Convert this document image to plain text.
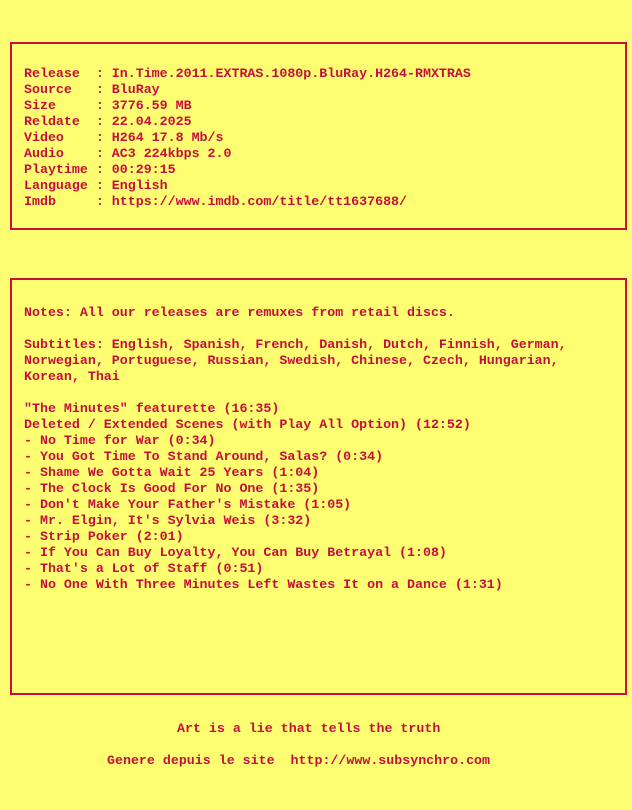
Release  : In.Time.2011.EXTRAS.1080p.BluRay.H264-RMXTRAS
Source   : BluRay
Size     : 3776.59 MB
Reldate  : 22.04.2025
Video    : H264 17.8 Mb/s
Audio    : AC3 224kbps 2.0
Playtime : 00:29:15
Language : English
Imdb     : https://www.imdb.com/title/tt1637688/
Notes: All our releases are remuxes from retail discs.
Subtitles: English, Spanish, French, Danish, Dutch, Finnish, German,
Norwegian, Portuguese, Russian, Swedish, Chinese, Czech, Hungarian,
Korean, Thai
"The Minutes" featurette (16:35)
Deleted / Extended Scenes (with Play All Option) (12:52)
- No Time for War (0:34)
- You Got Time To Stand Around, Salas? (0:34)
- Shame We Gotta Wait 25 Years (1:04)
- The Clock Is Good For No One (1:35)
- Don't Make Your Father's Mistake (1:05)
- Mr. Elgin, It's Sylvia Weis (3:32)
- Strip Poker (2:01)
- If You Can Buy Loyalty, You Can Buy Betrayal (1:08)
- That's a Lot of Staff (0:51)
- No One With Three Minutes Left Wastes It on a Dance (1:31)
Art is a lie that tells the truth
Genere depuis le site  http://www.subsynchro.com
